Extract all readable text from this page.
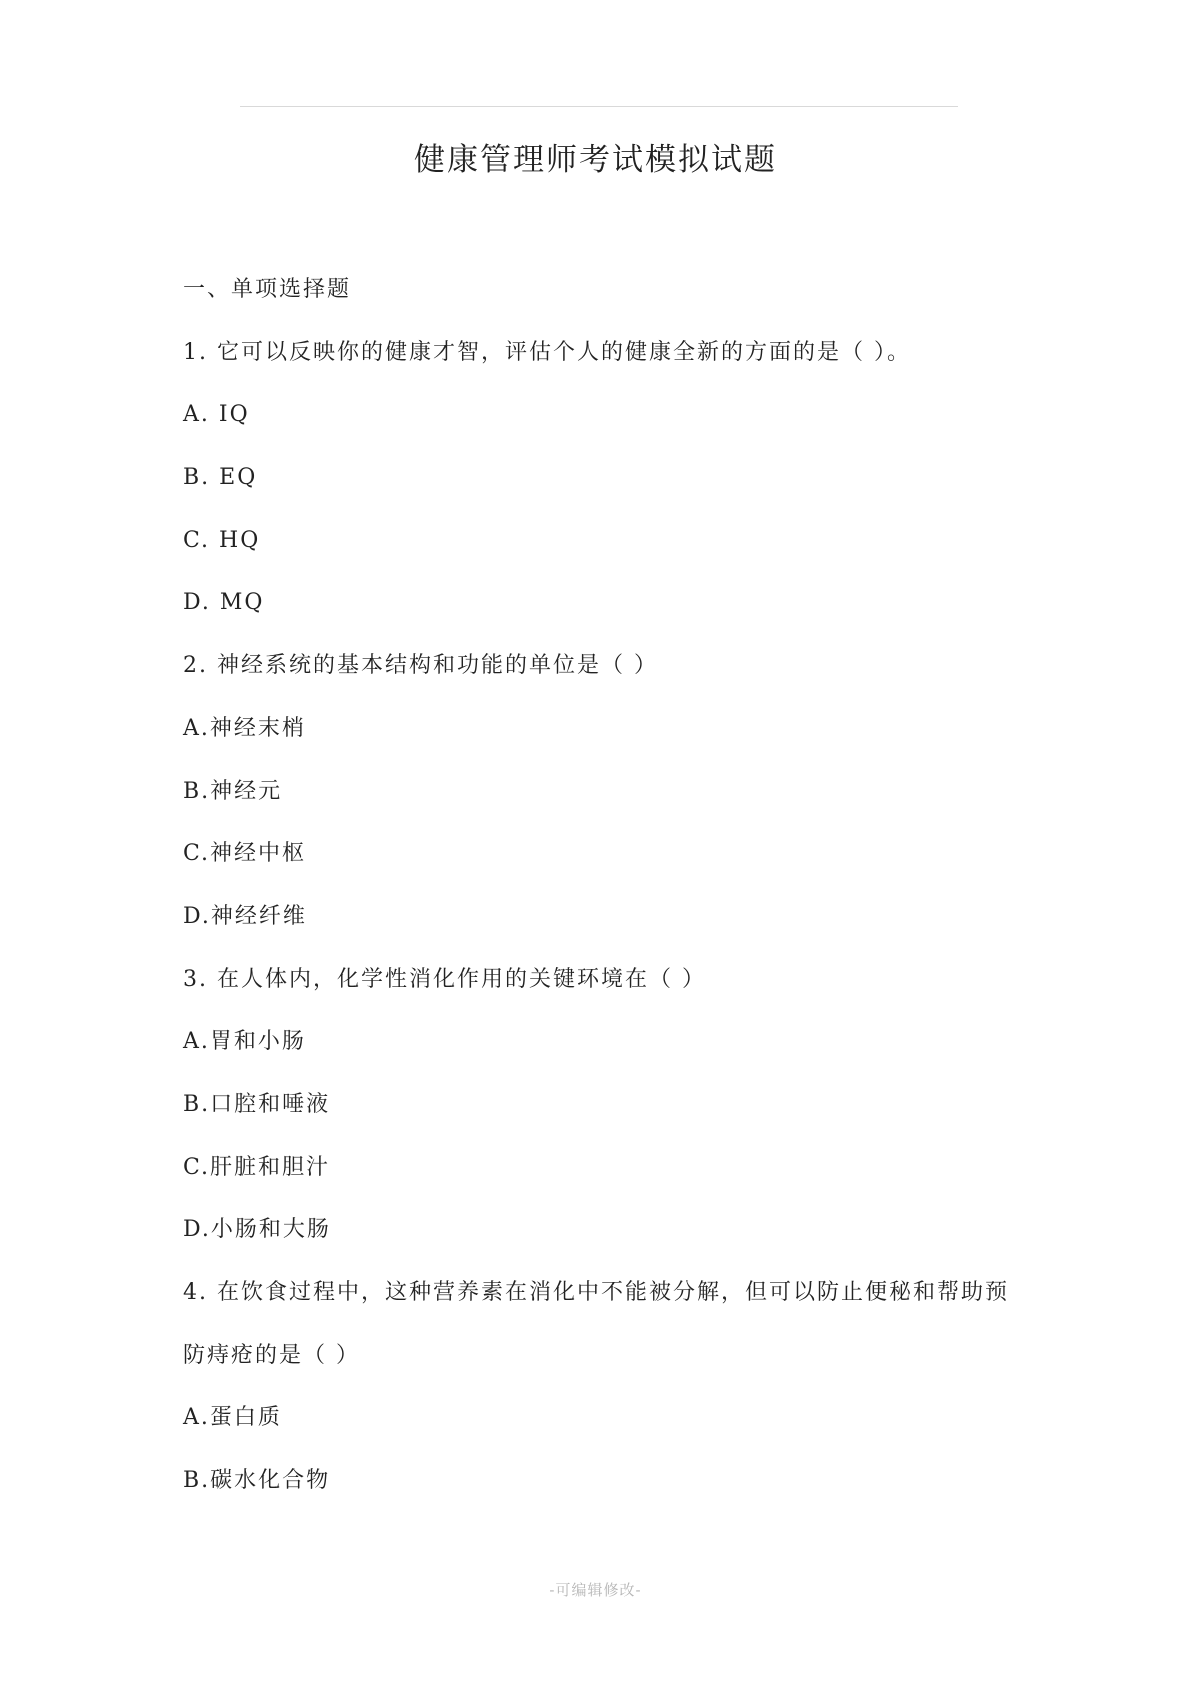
健康管理师考试模拟试题
一、单项选择题
1. 它可以反映你的健康才智，评估个人的健康全新的方面的是（ ）。
A. IQ
B. EQ
C. HQ
D. MQ
2. 神经系统的基本结构和功能的单位是（ ）
A.神经末梢
B.神经元
C.神经中枢
D.神经纤维
3. 在人体内，化学性消化作用的关键环境在（ ）
A.胃和小肠
B.口腔和唾液
C.肝脏和胆汁
D.小肠和大肠
4. 在饮食过程中，这种营养素在消化中不能被分解，但可以防止便秘和帮助预
防痔疮的是（ ）
A.蛋白质
B.碳水化合物
-可编辑修改-
